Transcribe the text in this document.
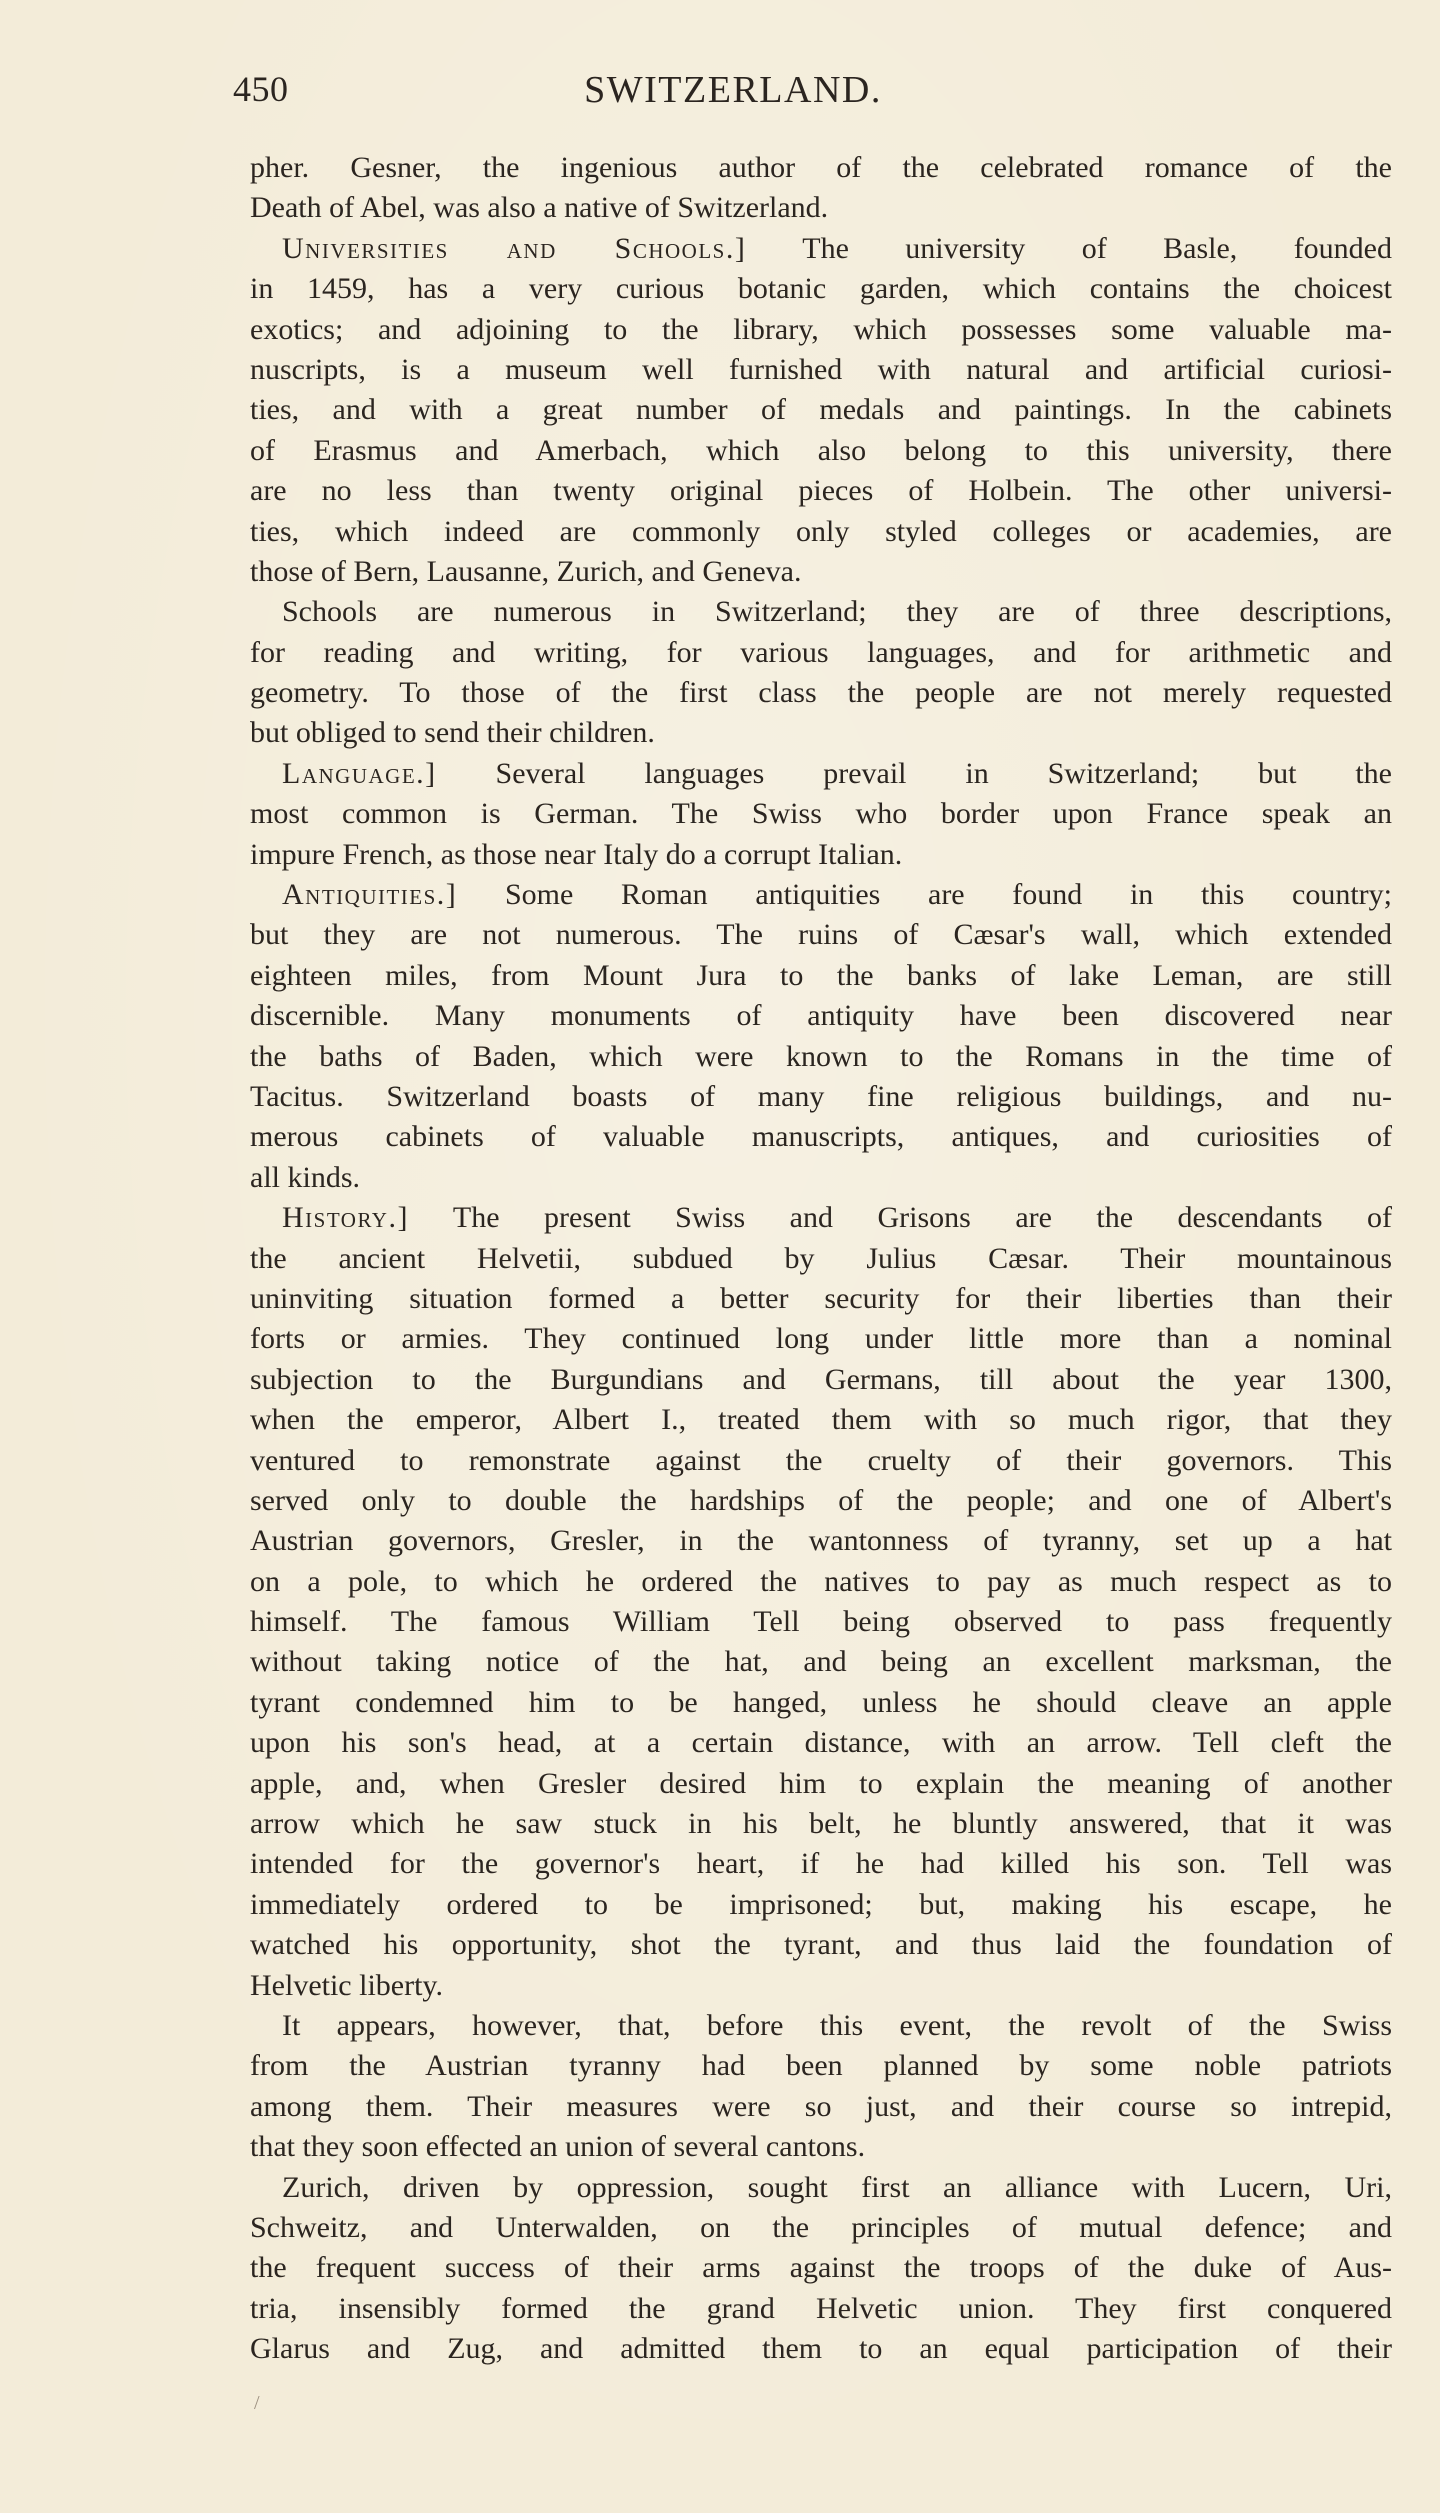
450	SWITZERLAND.
pher. Gesner, the ingenious author of the celebrated romance of the
Death of Abel, was also a native of Switzerland.
Universities and Schools.] The university of Basle, founded
in 1459, has a very curious botanic garden, which contains the choicest
exotics; and adjoining to the library, which possesses some valuable ma-
nuscripts, is a museum well furnished with natural and artificial curiosi-
ties, and with a great number of medals and paintings. In the cabinets
of Erasmus and Amerbach, which also belong to this university, there
are no less than twenty original pieces of Holbein. The other universi-
ties, which indeed are commonly only styled colleges or academies, are
those of Bern, Lausanne, Zurich, and Geneva.
Schools are numerous in Switzerland; they are of three descriptions,
for reading and writing, for various languages, and for arithmetic and
geometry. To those of the first class the people are not merely requested
but obliged to send their children.
Language.] Several languages prevail in Switzerland; but the
most common is German. The Swiss who border upon France speak an
impure French, as those near Italy do a corrupt Italian.
Antiquities.] Some Roman antiquities are found in this country;
but they are not numerous. The ruins of Cæsar's wall, which extended
eighteen miles, from Mount Jura to the banks of lake Leman, are still
discernible. Many monuments of antiquity have been discovered near
the baths of Baden, which were known to the Romans in the time of
Tacitus. Switzerland boasts of many fine religious buildings, and nu-
merous cabinets of valuable manuscripts, antiques, and curiosities of
all kinds.
History.] The present Swiss and Grisons are the descendants of
the ancient Helvetii, subdued by Julius Cæsar. Their mountainous
uninviting situation formed a better security for their liberties than their
forts or armies. They continued long under little more than a nominal
subjection to the Burgundians and Germans, till about the year 1300,
when the emperor, Albert I., treated them with so much rigor, that they
ventured to remonstrate against the cruelty of their governors. This
served only to double the hardships of the people; and one of Albert's
Austrian governors, Gresler, in the wantonness of tyranny, set up a hat
on a pole, to which he ordered the natives to pay as much respect as to
himself. The famous William Tell being observed to pass frequently
without taking notice of the hat, and being an excellent marksman, the
tyrant condemned him to be hanged, unless he should cleave an apple
upon his son's head, at a certain distance, with an arrow. Tell cleft the
apple, and, when Gresler desired him to explain the meaning of another
arrow which he saw stuck in his belt, he bluntly answered, that it was
intended for the governor's heart, if he had killed his son. Tell was
immediately ordered to be imprisoned; but, making his escape, he
watched his opportunity, shot the tyrant, and thus laid the foundation of
Helvetic liberty.
It appears, however, that, before this event, the revolt of the Swiss
from the Austrian tyranny had been planned by some noble patriots
among them. Their measures were so just, and their course so intrepid,
that they soon effected an union of several cantons.
Zurich, driven by oppression, sought first an alliance with Lucern, Uri,
Schweitz, and Unterwalden, on the principles of mutual defence; and
the frequent success of their arms against the troops of the duke of Aus-
tria, insensibly formed the grand Helvetic union. They first conquered
Glarus and Zug, and admitted them to an equal participation of their
/
